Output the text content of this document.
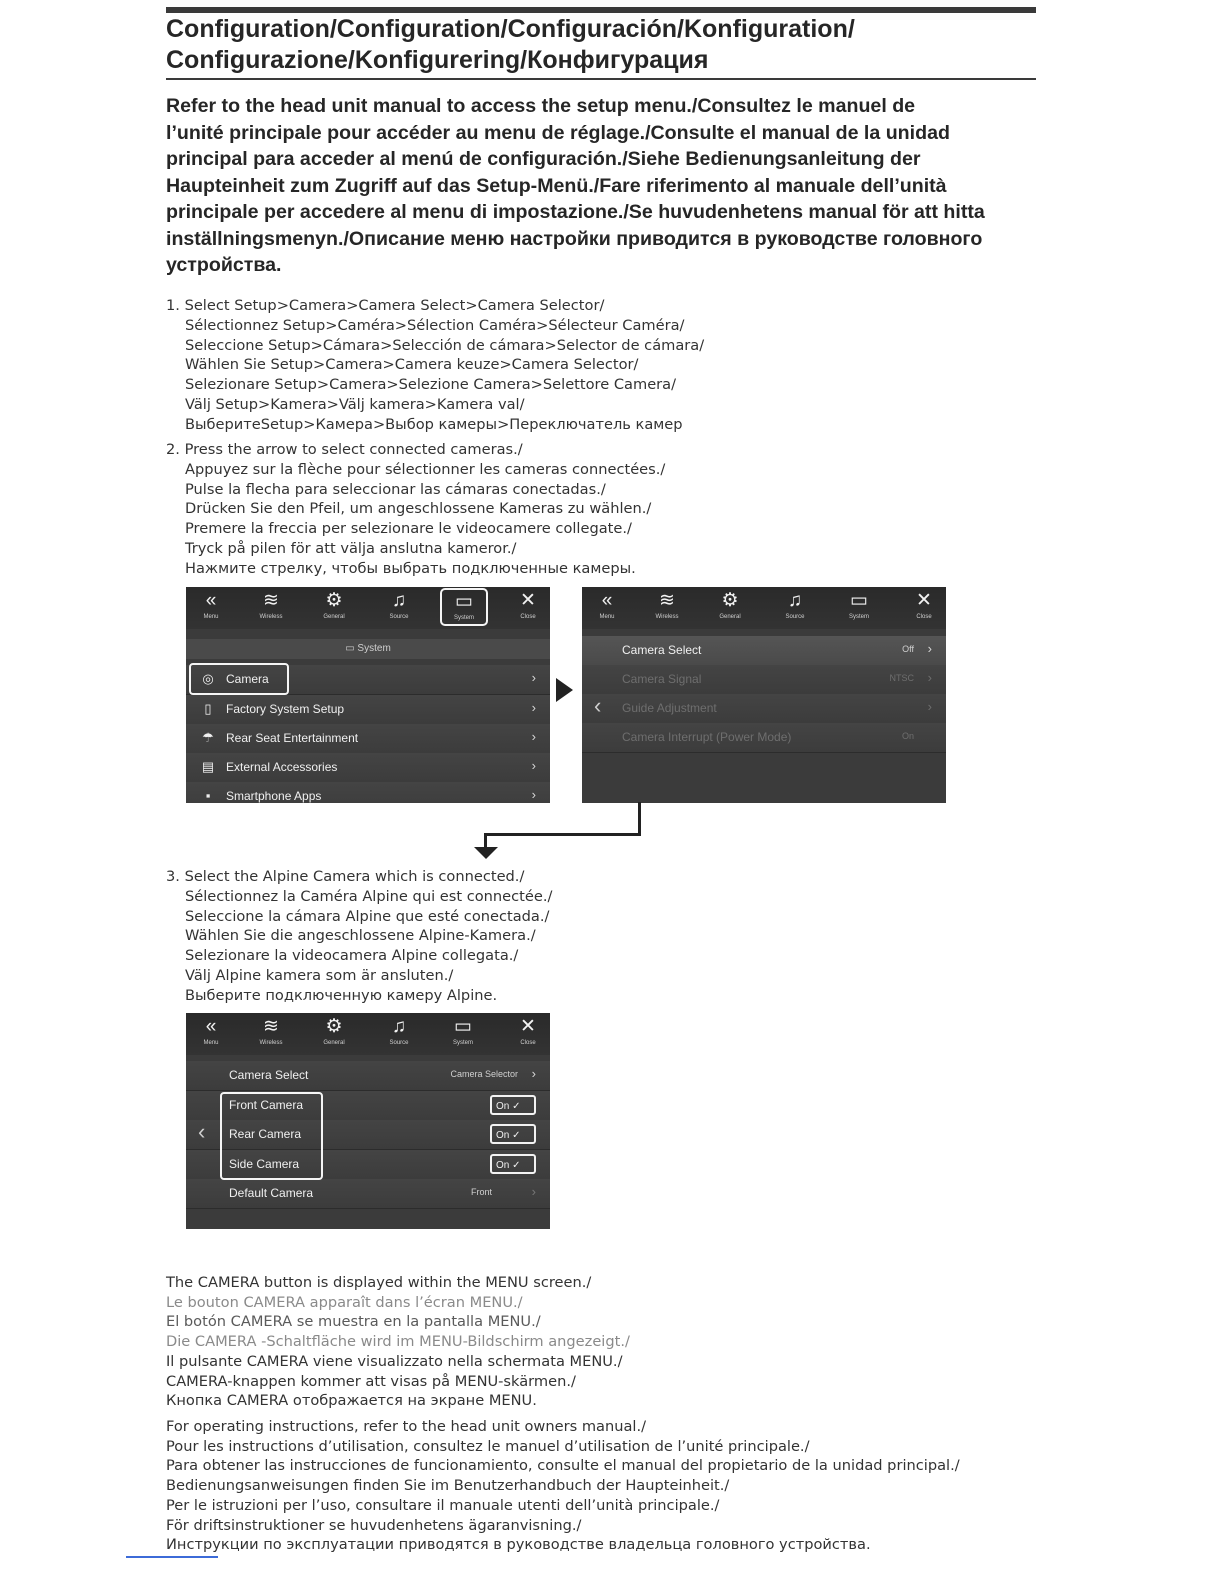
Configuration/Configuration/Configuración/Konfiguration/
Configurazione/Konfigurering/Конфигурация
Refer to the head unit manual to access the setup menu./Consultez le manuel de
l’unité principale pour accéder au menu de réglage./Consulte el manual de la unidad
principal para acceder al menú de configuración./Siehe Bedienungsanleitung der
Haupteinheit zum Zugriff auf das Setup-Menü./Fare riferimento al manuale dell’unità
principale per accedere al menu di impostazione./Se huvudenhetens manual för att hitta
inställningsmenyn./Описание меню настройки приводится в руководстве головного
устройства.
1. Select Setup>Camera>Camera Select>Camera Selector/
Sélectionnez Setup>Caméra>Sélection Caméra>Sélecteur Caméra/
Seleccione Setup>Cámara>Selección de cámara>Selector de cámara/
Wählen Sie Setup>Camera>Camera keuze>Camera Selector/
Selezionare Setup>Camera>Selezione Camera>Selettore Camera/
Välj Setup>Kamera>Välj kamera>Kamera val/
ВыберитеSetup>Камера>Выбор камеры>Переключатель камер
2. Press the arrow to select connected cameras./
Appuyez sur la flèche pour sélectionner les cameras connectées./
Pulse la flecha para seleccionar las cámaras conectadas./
Drücken Sie den Pfeil, um angeschlossene Kameras zu wählen./
Premere la freccia per selezionare le videocamere collegate./
Tryck på pilen för att välja anslutna kameror./
Нажмите стрелку, чтобы выбрать подключенные камеры.
«
Menu
≋
Wireless
⚙
General
♫
Source
▭
System
✕
Close
▭ System
◎ Camera	›
▯	Factory System Setup	›
☂ Rear Seat Entertainment	›
▤ External Accessories	›
▪	Smartphone Apps	›
«
Menu
≋
Wireless
⚙
General
♫
Source
▭
System
✕
Close
Camera Select	Off ›
Camera Signal	NTSC ›
Guide Adjustment	›
Camera Interrupt (Power Mode)	On
‹
3. Select the Alpine Camera which is connected./
Sélectionnez la Caméra Alpine qui est connectée./
Seleccione la cámara Alpine que esté conectada./
Wählen Sie die angeschlossene Alpine-Kamera./
Selezionare la videocamera Alpine collegata./
Välj Alpine kamera som är ansluten./
Выберите подключенную камеру Alpine.
«
Menu
≋
Wireless
⚙
General
♫
Source
▭
System
✕
Close
Camera Select	Camera Selector ›
Front Camera	On ✓
Rear Camera	On ✓
Side Camera	On ✓
Default Camera	Front	›
‹
The CAMERA button is displayed within the MENU screen./
Le bouton CAMERA apparaît dans l’écran MENU./
El botón CAMERA se muestra en la pantalla MENU./
Die CAMERA -Schaltfläche wird im MENU-Bildschirm angezeigt./
Il pulsante CAMERA viene visualizzato nella schermata MENU./
CAMERA-knappen kommer att visas på MENU-skärmen./
Кнопка CAMERA отображается на экране MENU.
For operating instructions, refer to the head unit owners manual./
Pour les instructions d’utilisation, consultez le manuel d’utilisation de l’unité principale./
Para obtener las instrucciones de funcionamiento, consulte el manual del propietario de la unidad principal./
Bedienungsanweisungen finden Sie im Benutzerhandbuch der Haupteinheit./
Per le istruzioni per l’uso, consultare il manuale utenti dell’unità principale./
För driftsinstruktioner se huvudenhetens ägaranvisning./
Инструкции по эксплуатации приводятся в руководстве владельца головного устройства.
